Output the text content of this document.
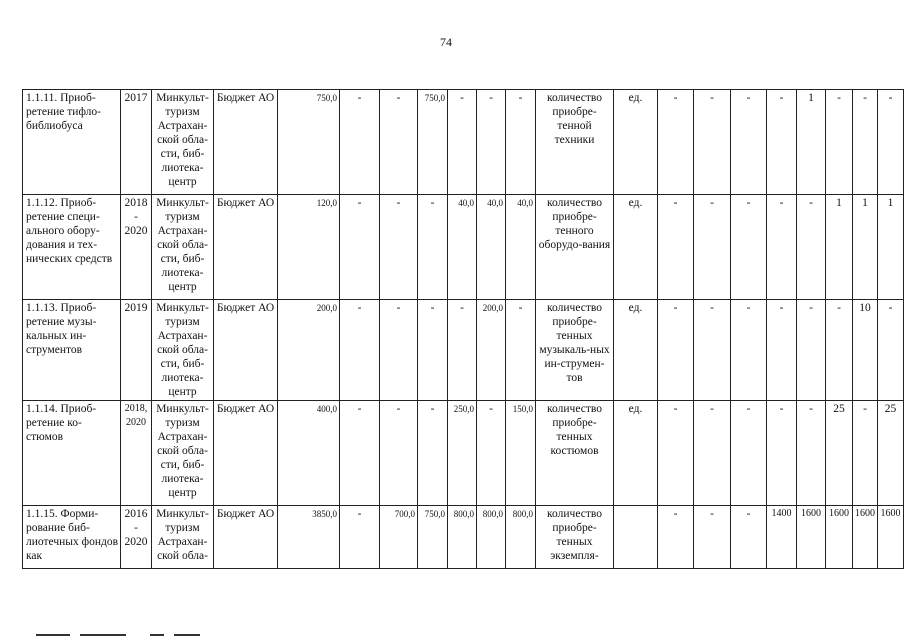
74
1.1.11. Приоб-ретение тифло-библиобуса	2017	Минкульт-туризм Астрахан-ской обла-сти, биб-лиотека-центр	Бюджет АО	750,0	-	-	750,0	-	-	-	количество приобре-тенной техники	ед.	-	-	-	-	1	-	-	-
1.1.12. Приоб-ретение специ-ального обору-дования и тех-нических средств	2018 - 2020	Минкульт-туризм Астрахан-ской обла-сти, биб-лиотека-центр	Бюджет АО	120,0	-	-	-	40,0	40,0	40,0	количество приобре-тенного оборудо-вания	ед.	-	-	-	-	-	1	1	1
1.1.13. Приоб-ретение музы-кальных ин-струментов	2019	Минкульт-туризм Астрахан-ской обла-сти, биб-лиотека-центр	Бюджет АО	200,0	-	-	-	-	200,0	-	количество приобре-тенных музыкаль-ных ин-струмен-тов	ед.	-	-	-	-	-	-	10	-
1.1.14. Приоб-ретение ко-стюмов	2018, 2020	Минкульт-туризм Астрахан-ской обла-сти, биб-лиотека-центр	Бюджет АО	400,0	-	-	-	250,0	-	150,0	количество приобре-тенных костюмов	ед.	-	-	-	-	-	25	-	25
1.1.15. Форми-рование биб-лиотечных фондов как	2016 - 2020	Минкульт-туризм Астрахан-ской обла-	Бюджет АО	3850,0	-	700,0	750,0	800,0	800,0	800,0	количество приобре-тенных экземпля-		-	-	-	1400	1600	1600	1600	1600
